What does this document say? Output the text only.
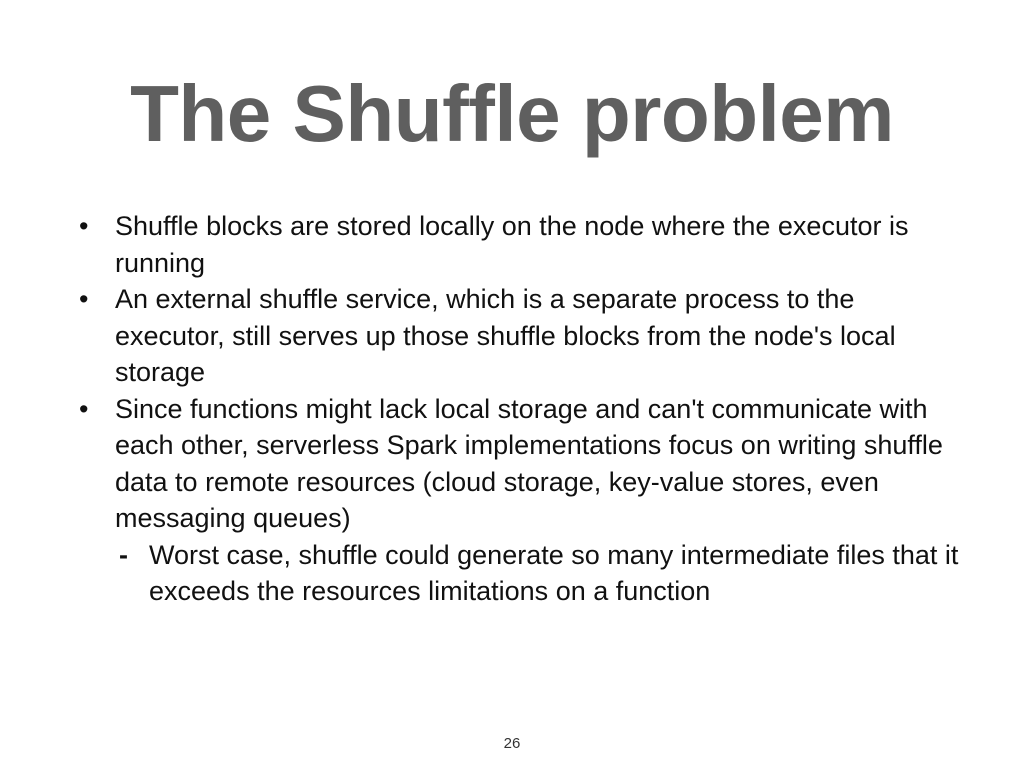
The Shuffle problem
• Shuffle blocks are stored locally on the node where the executor is running
• An external shuffle service, which is a separate process to the executor, still serves up those shuffle blocks from the node's local storage
• Since functions might lack local storage and can't communicate with each other, serverless Spark implementations focus on writing shuffle data to remote resources (cloud storage, key-value stores, even messaging queues)
- Worst case, shuffle could generate so many intermediate files that it exceeds the resources limitations on a function
26
